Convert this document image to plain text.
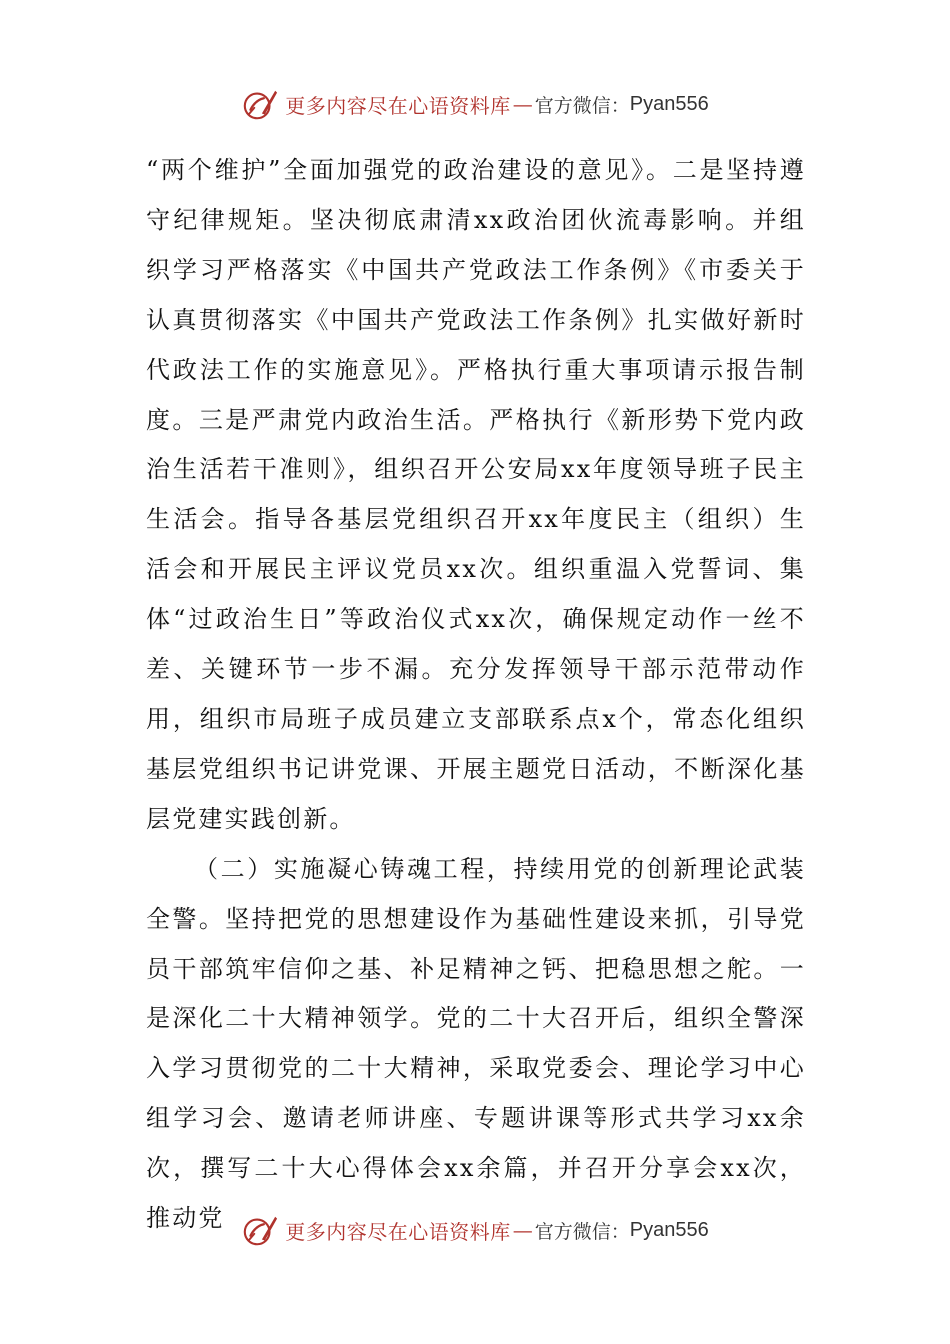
更多内容尽在心语资料库 — 官方微信： Pyan556

“两个维护”全面加强党的政治建设的意见》。二是坚持遵守纪律规矩。坚决彻底肃清xx政治团伙流毒影响。并组织学习严格落实《中国共产党政法工作条例》《市委关于认真贯彻落实《中国共产党政法工作条例》扎实做好新时代政法工作的实施意见》。严格执行重大事项请示报告制度。三是严肃党内政治生活。严格执行《新形势下党内政治生活若干准则》，组织召开公安局xx年度领导班子民主生活会。指导各基层党组织召开xx年度民主（组织）生活会和开展民主评议党员xx次。组织重温入党誓词、集体“过政治生日”等政治仪式xx次，确保规定动作一丝不差、关键环节一步不漏。充分发挥领导干部示范带动作用，组织市局班子成员建立支部联系点x个，常态化组织基层党组织书记讲党课、开展主题党日活动，不断深化基层党建实践创新。

（二）实施凝心铸魂工程，持续用党的创新理论武装全警。坚持把党的思想建设作为基础性建设来抓，引导党员干部筑牢信仰之基、补足精神之钙、把稳思想之舵。一是深化二十大精神领学。党的二十大召开后，组织全警深入学习贯彻党的二十大精神，采取党委会、理论学习中心组学习会、邀请老师讲座、专题讲课等形式共学习xx余次，撰写二十大心得体会xx余篇，并召开分享会xx次，推动党	更多内容尽在心语资料库 — 官方微信： Pyan556
